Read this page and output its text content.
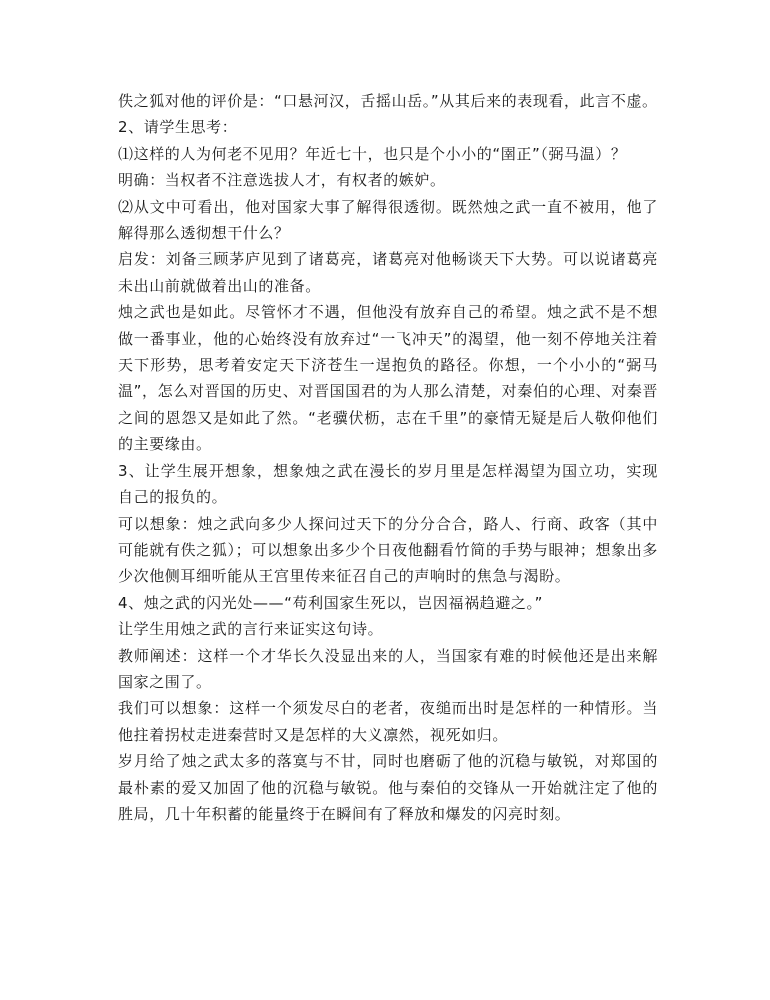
佚之狐对他的评价是：“口悬河汉，舌摇山岳。”从其后来的表现看，此言不虚。

2、请学生思考：

⑴这样的人为何老不见用？年近七十，也只是个小小的“圉正”（弼马温）？

明确：当权者不注意选拔人才，有权者的嫉妒。

⑵从文中可看出，他对国家大事了解得很透彻。既然烛之武一直不被用，他了解得那么透彻想干什么？

启发：刘备三顾茅庐见到了诸葛亮，诸葛亮对他畅谈天下大势。可以说诸葛亮未出山前就做着出山的准备。

烛之武也是如此。尽管怀才不遇，但他没有放弃自己的希望。烛之武不是不想做一番事业，他的心始终没有放弃过“一飞冲天”的渴望，他一刻不停地关注着天下形势，思考着安定天下济苍生一逞抱负的路径。你想，一个小小的“弼马温”，怎么对晋国的历史、对晋国国君的为人那么清楚，对秦伯的心理、对秦晋之间的恩怨又是如此了然。“老骥伏枥，志在千里”的豪情无疑是后人敬仰他们的主要缘由。

3、让学生展开想象，想象烛之武在漫长的岁月里是怎样渴望为国立功，实现自己的报负的。

可以想象：烛之武向多少人探问过天下的分分合合，路人、行商、政客（其中可能就有佚之狐）；可以想象出多少个日夜他翻看竹简的手势与眼神；想象出多少次他侧耳细听能从王宫里传来征召自己的声响时的焦急与渴盼。

4、烛之武的闪光处——“苟利国家生死以，岂因福祸趋避之。”

让学生用烛之武的言行来证实这句诗。

教师阐述：这样一个才华长久没显出来的人，当国家有难的时候他还是出来解国家之围了。

我们可以想象：这样一个须发尽白的老者，夜缒而出时是怎样的一种情形。当他拄着拐杖走进秦营时又是怎样的大义凛然，视死如归。

岁月给了烛之武太多的落寞与不甘，同时也磨砺了他的沉稳与敏锐，对郑国的最朴素的爱又加固了他的沉稳与敏锐。他与秦伯的交锋从一开始就注定了他的胜局，几十年积蓄的能量终于在瞬间有了释放和爆发的闪亮时刻。
